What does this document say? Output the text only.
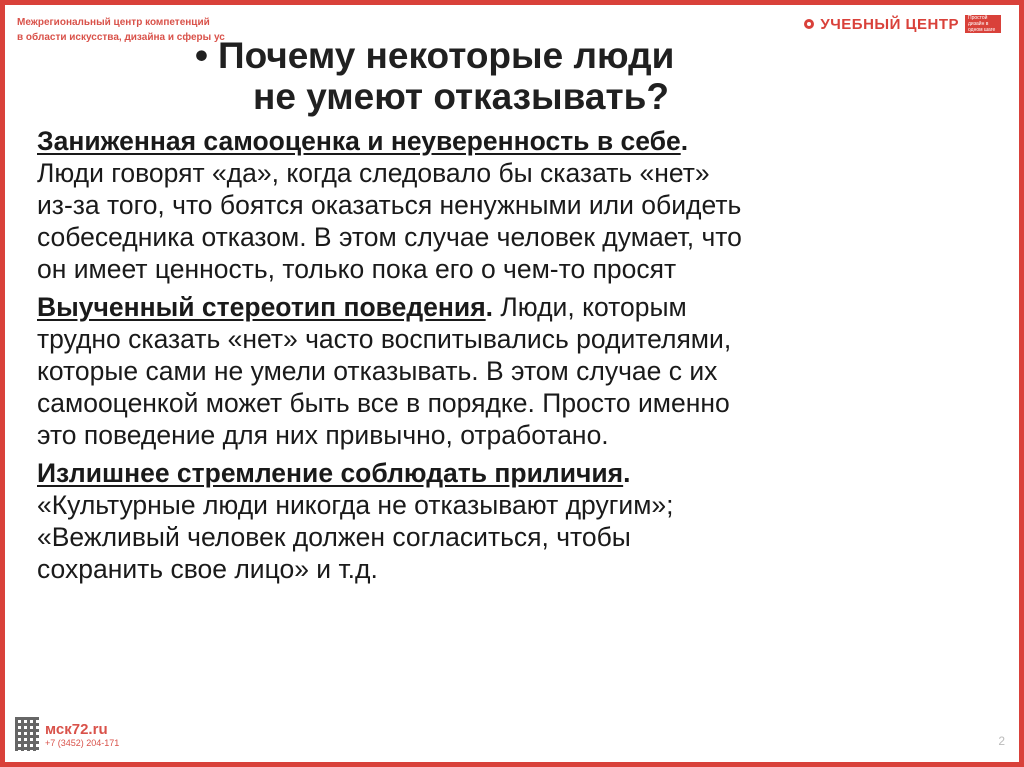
Межрегиональный центр компетенций
в области искусства, дизайна и сферы ус
УЧЕБНЫЙ ЦЕНТР	Простой дизайн в одном шаге
• Почему некоторые люди
не умеют отказывать?
Заниженная самооценка и неуверенность в себе.
Люди говорят «да», когда следовало бы сказать «нет»
из-за того, что боятся оказаться ненужными или обидеть
собеседника отказом. В этом случае человек думает, что
он имеет ценность, только пока его о чем-то просят
Выученный стереотип поведения. Люди, которым
трудно сказать «нет» часто воспитывались родителями,
которые сами не умели отказывать. В этом случае с их
самооценкой может быть все в порядке. Просто именно
это поведение для них привычно, отработано.
Излишнее стремление соблюдать приличия.
«Культурные люди никогда не отказывают другим»;
«Вежливый человек должен согласиться, чтобы
сохранить свое лицо» и т.д.
мск72.ru
+7 (3452) 204-171	2
